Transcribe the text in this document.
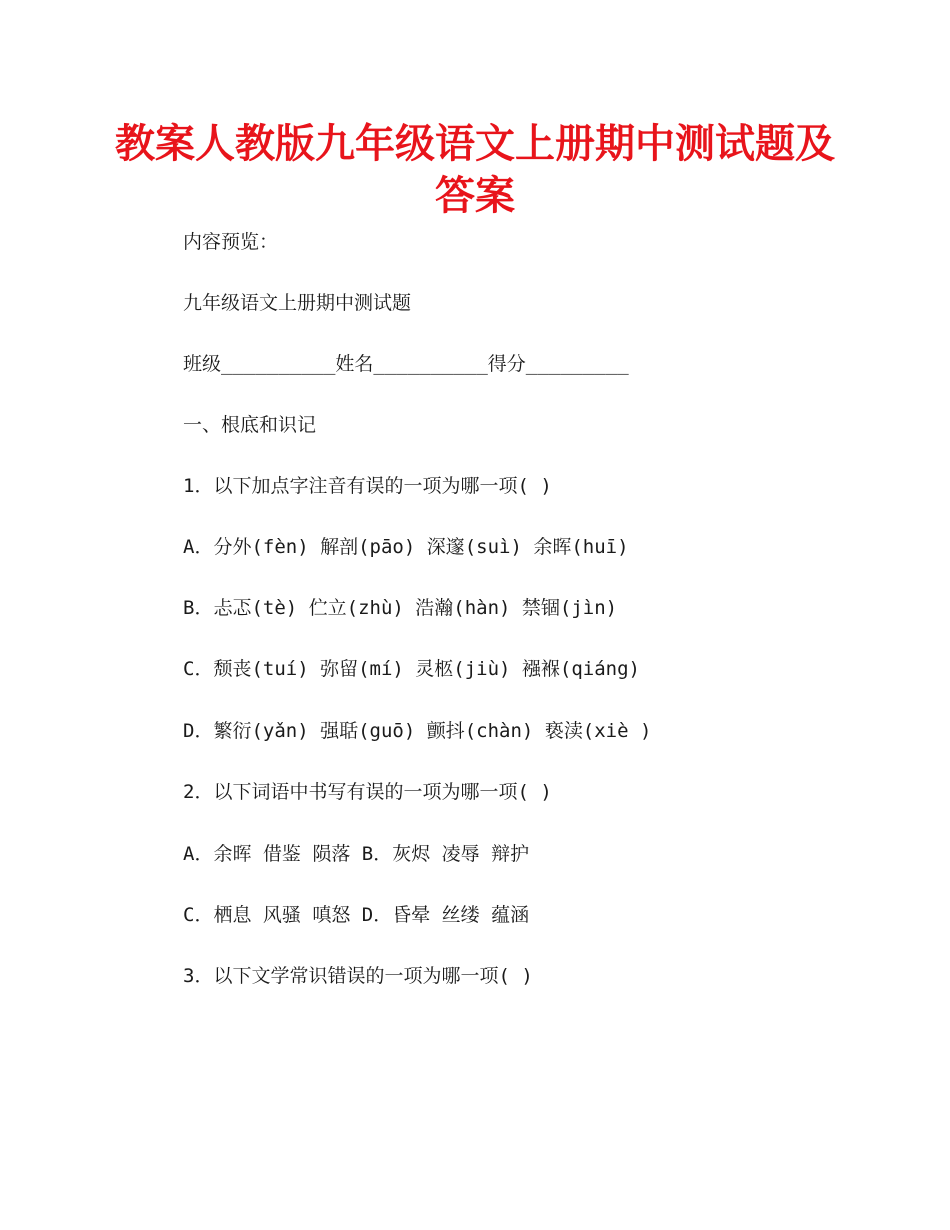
教案人教版九年级语文上册期中测试题及
答案

内容预览：

九年级语文上册期中测试题

班级__________姓名__________得分_________

一、根底和识记

1．以下加点字注音有误的一项为哪一项( )

A．分外(fèn) 解剖(pāo) 深邃(suì) 余晖(huī)

B．忐忑(tè) 伫立(zhù) 浩瀚(hàn) 禁锢(jìn)

C．颓丧(tuí) 弥留(mí) 灵柩(jiù) 襁褓(qiáng)

D．繁衍(yǎn) 强聒(guō) 颤抖(chàn) 亵渎(xiè )

2．以下词语中书写有误的一项为哪一项( )

A．余晖 借鉴 陨落 B．灰烬 凌辱 辩护

C．栖息 风骚 嗔怒 D．昏晕 丝缕 蕴涵

3．以下文学常识错误的一项为哪一项( )
